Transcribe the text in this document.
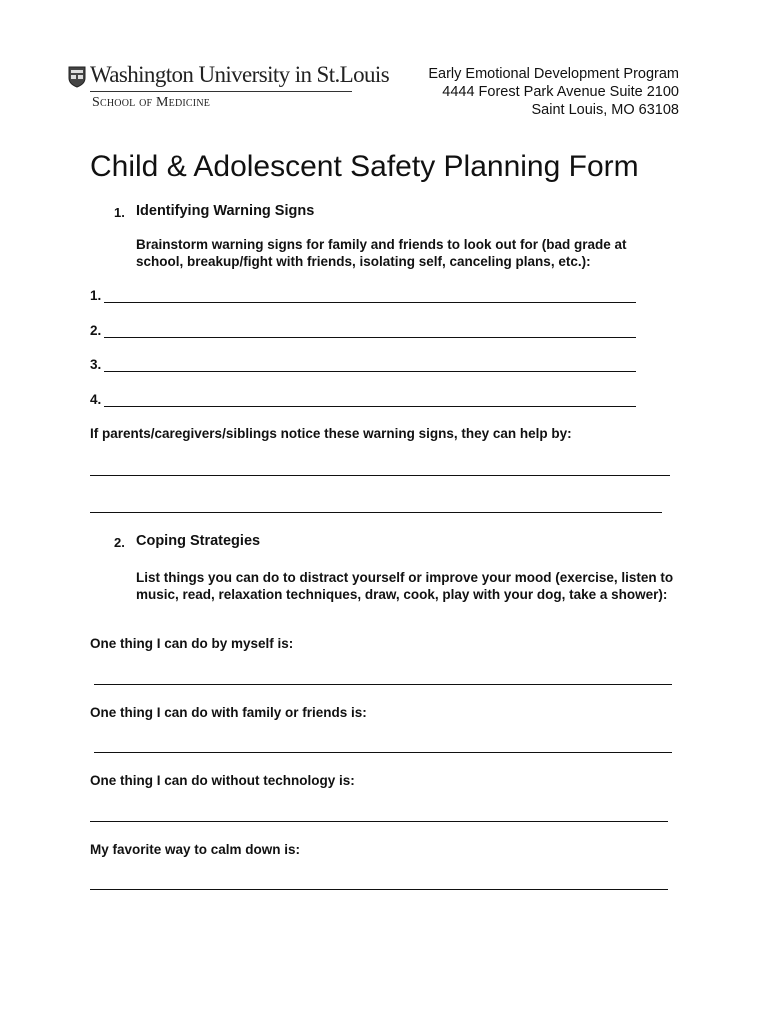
Washington University in St.Louis
School of Medicine
Early Emotional Development Program
4444 Forest Park Avenue Suite 2100
Saint Louis, MO 63108
Child & Adolescent Safety Planning Form
1. Identifying Warning Signs
Brainstorm warning signs for family and friends to look out for (bad grade at school, breakup/fight with friends, isolating self, canceling plans, etc.):
1.
2.
3.
4.
If parents/caregivers/siblings notice these warning signs, they can help by:
2. Coping Strategies
List things you can do to distract yourself or improve your mood (exercise, listen to music, read, relaxation techniques, draw, cook, play with your dog, take a shower):
One thing I can do by myself is:
One thing I can do with family or friends is:
One thing I can do without technology is:
My favorite way to calm down is:
